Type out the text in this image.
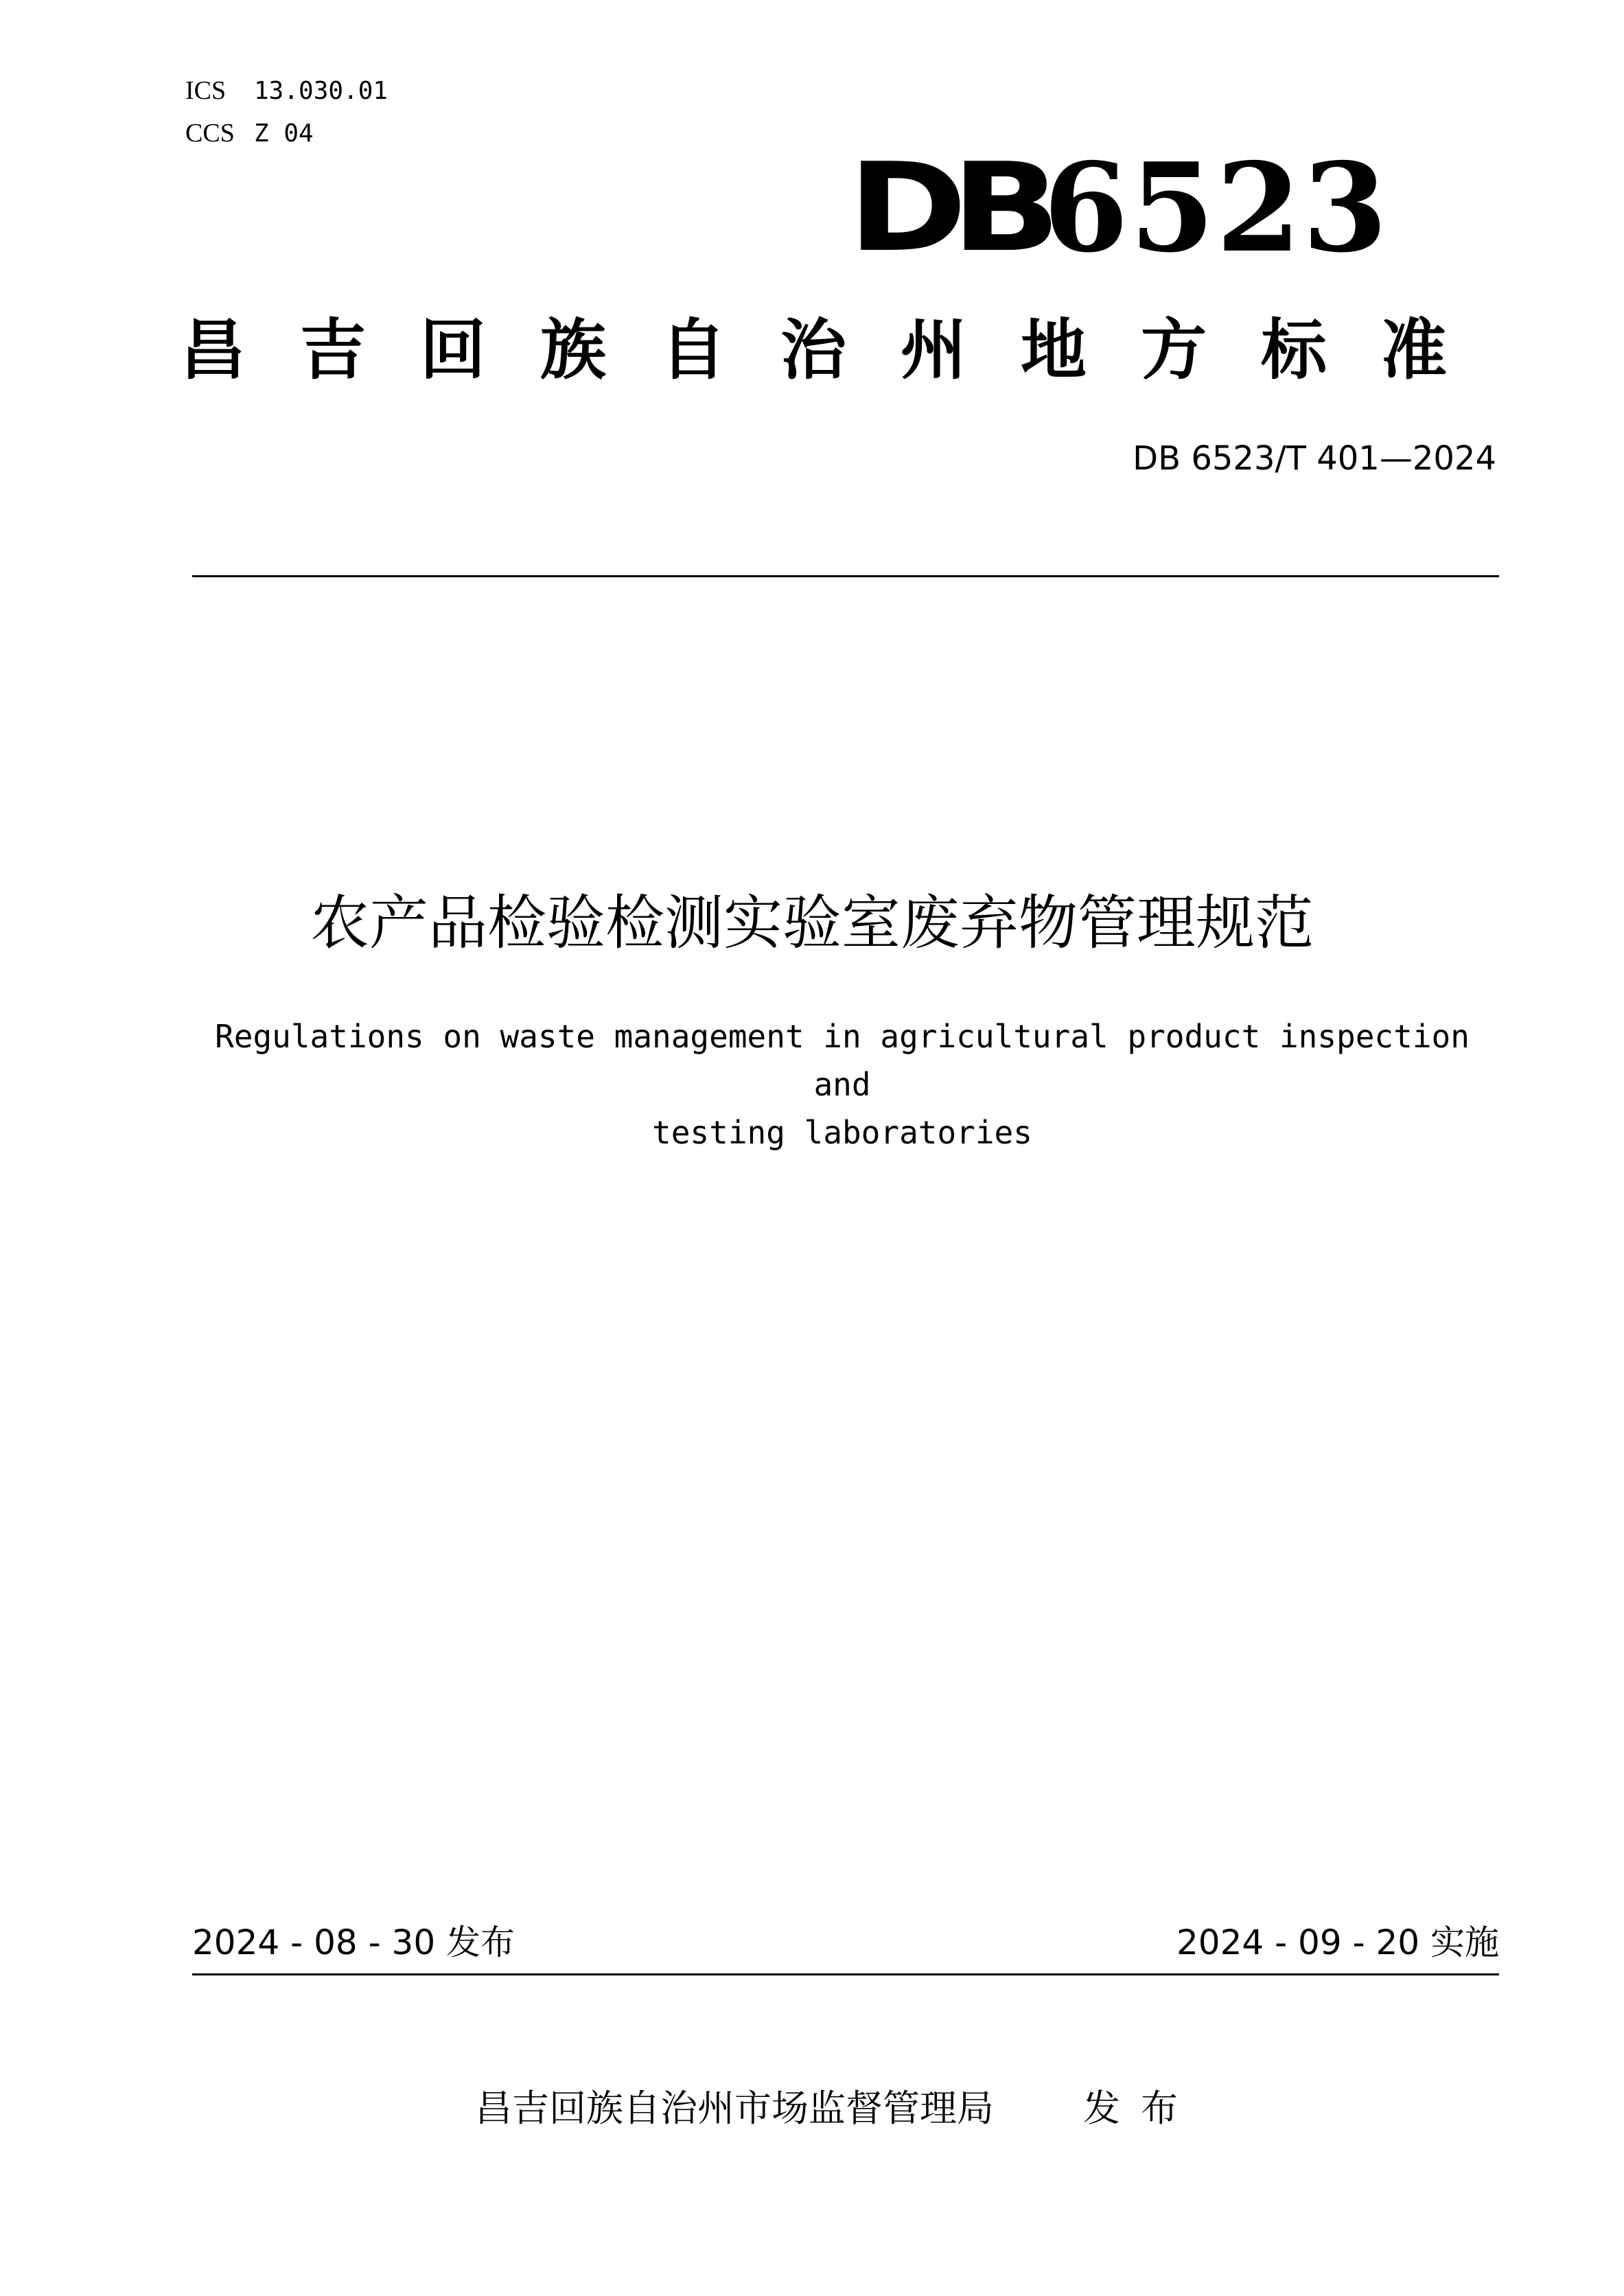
ICS 13.030.01
CCS Z 04
DB
6523
昌吉回族自治州地方标准
DB 6523/T 401—2024
农产品检验检测实验室废弃物管理规范
Regulations on waste management in agricultural product inspection and
testing laboratories
2024 - 08 - 30 发布	2024 - 09 - 20 实施
昌吉回族自治州市场监督管理局 发布
